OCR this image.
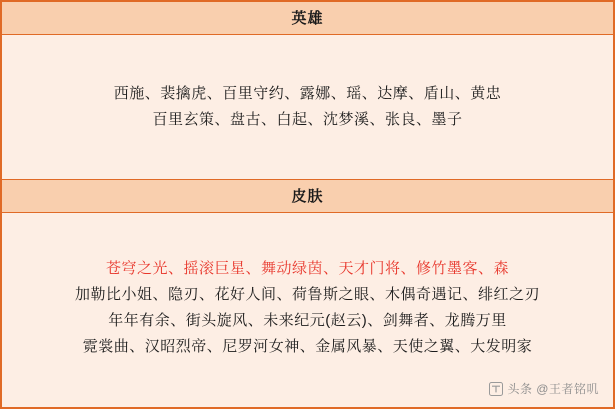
英雄
西施、裴擒虎、百里守约、露娜、瑶、达摩、盾山、黄忠
百里玄策、盘古、白起、沈梦溪、张良、墨子
皮肤
苍穹之光、摇滚巨星、舞动绿茵、天才门将、修竹墨客、森
加勒比小姐、隐刃、花好人间、荷鲁斯之眼、木偶奇遇记、绯红之刃
年年有余、街头旋风、未来纪元(赵云)、剑舞者、龙腾万里
霓裳曲、汉昭烈帝、尼罗河女神、金属风暴、天使之翼、大发明家
头条 @王者铭叽
